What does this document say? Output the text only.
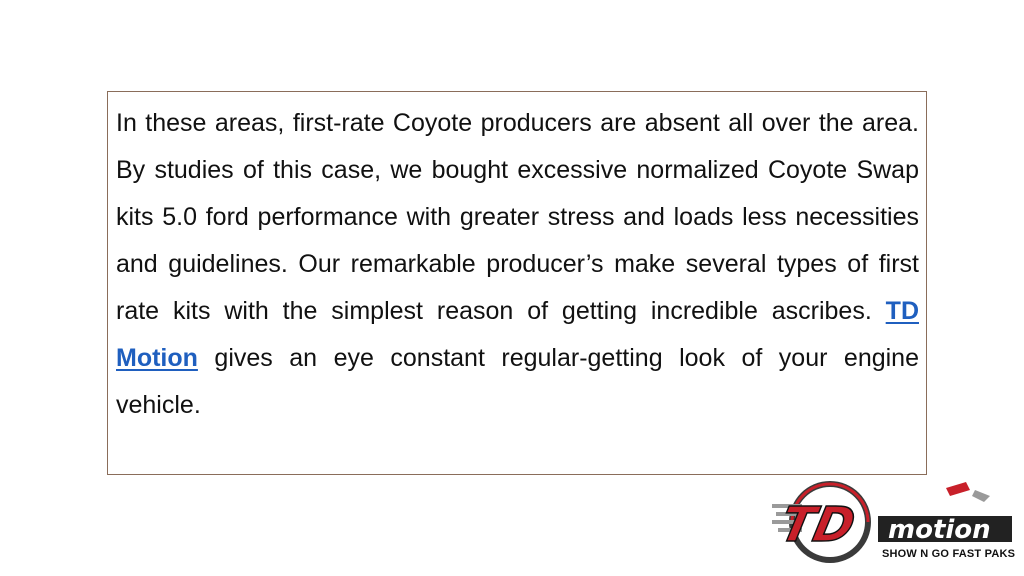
In these areas, first-rate Coyote producers are absent all over the area. By studies of this case, we bought excessive normalized Coyote Swap kits 5.0 ford performance with greater stress and loads less necessities and guidelines. Our remarkable producer’s make several types of first rate kits with the simplest reason of getting incredible ascribes. TD Motion gives an eye constant regular-getting look of your engine vehicle.

TD motion
SHOW N GO FAST PAKS
